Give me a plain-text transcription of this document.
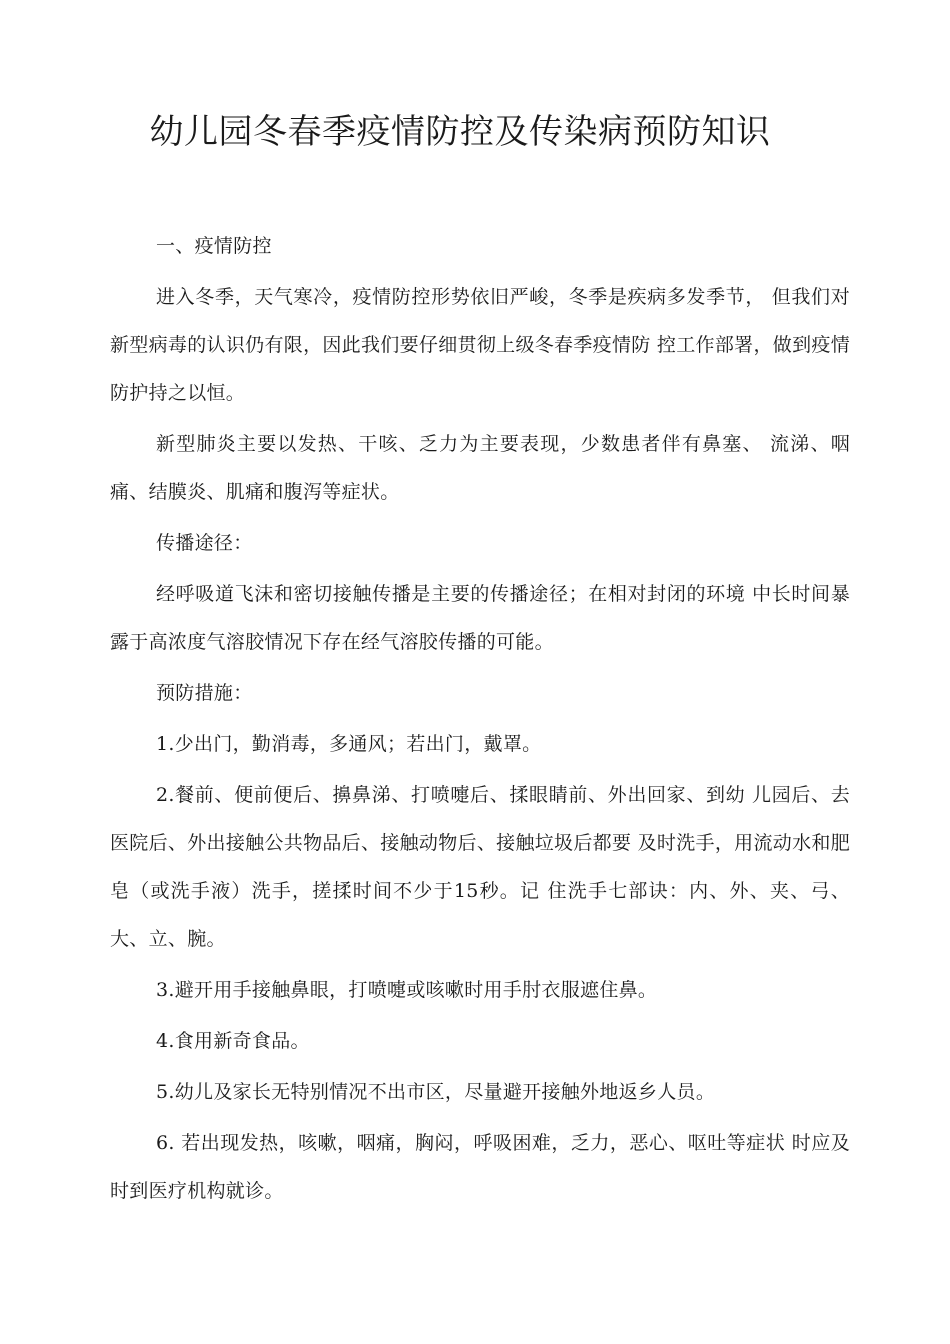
幼儿园冬春季疫情防控及传染病预防知识

一、疫情防控

进入冬季，天气寒冷，疫情防控形势依旧严峻，冬季是疾病多发季节， 但我们对新型病毒的认识仍有限，因此我们要仔细贯彻上级冬春季疫情防 控工作部署，做到疫情防护持之以恒。

新型肺炎主要以发热、干咳、乏力为主要表现，少数患者伴有鼻塞、 流涕、咽痛、结膜炎、肌痛和腹泻等症状。

传播途径：

经呼吸道飞沫和密切接触传播是主要的传播途径；在相对封闭的环境 中长时间暴露于高浓度气溶胶情况下存在经气溶胶传播的可能。

预防措施：

1.少出门，勤消毒，多通风；若出门，戴罩。

2.餐前、便前便后、擤鼻涕、打喷嚏后、揉眼睛前、外出回家、到幼 儿园后、去医院后、外出接触公共物品后、接触动物后、接触垃圾后都要 及时洗手，用流动水和肥皂（或洗手液）洗手，搓揉时间不少于15秒。记 住洗手七部诀：内、外、夹、弓、大、立、腕。

3.避开用手接触鼻眼，打喷嚏或咳嗽时用手肘衣服遮住鼻。

4.食用新奇食品。

5.幼儿及家长无特别情况不出市区，尽量避开接触外地返乡人员。

6. 若出现发热，咳嗽，咽痛，胸闷，呼吸困难，乏力，恶心、呕吐等症状 时应及时到医疗机构就诊。
